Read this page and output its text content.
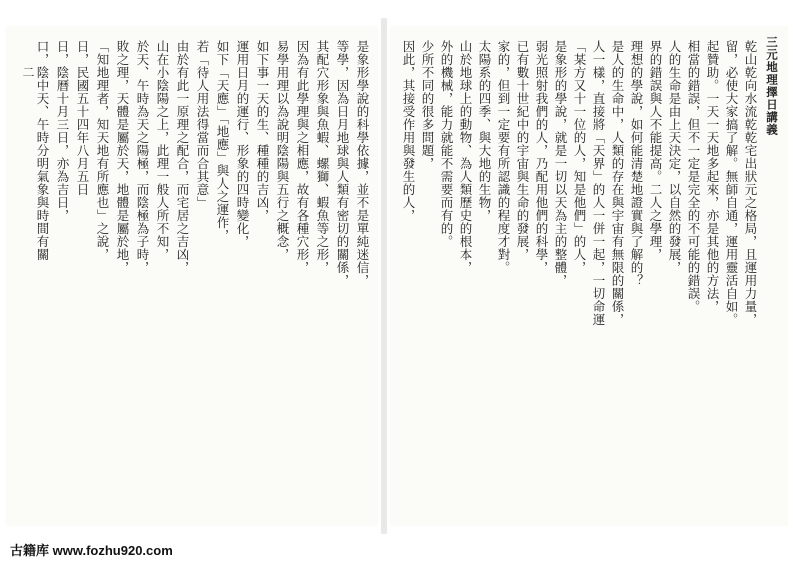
二	是象形學說的科學依據，並不是單純迷信，
等學，因為日月地球與人類有密切的關係，
其配穴形象與魚蝦、螺獅、蝦魚等之形，
因為有此學理與之相應，故有各種穴形，
易學用理以為說明陰陽與五行之概念，
如下事一天的生、種種的吉凶，
運用日月的運行、形象的四時變化，
如下「天應」「地應」與人之運作，
若「待人用法得當而合其意」
由於有此一原理之配合，而宅居之吉凶，
山在小陰陽之上，此理一般人所不知，
於天、午時為天之陽極，而陰極為子時，
敗之理，天體是屬於天，地體是屬於地，
「知地理者，知天地有所應也」之說，
日，民國五十四年八月五日
日，陰曆十月三日，亦為吉日，
口，陰中天、午時分明氣象與時間有關	三元地理擇日講義
乾山乾向水流乾乾宅出狀元之格局，且運用力量，
留，必使大家搞了解。無師自通，運用靈活自如。
起贊助。一天一天地多起來，亦是其他的方法，
相當的錯誤，但不一定是完全的不可能的錯誤。
人的生命是由上天決定，以自然的發展，
界的錯誤與人不能提高。二人之學理，
理想的學說，如何能清楚地證實與了解的？
是人的生命中，人類的存在與宇宙有無限的關係，
人一樣，直接將「天界」的人一併一起，一切命運
「某方又十一位的人，知是他們」的人，
是象形的學說，就是一切以天為主的整體，
弱光照射我們的人，乃配用他們的科學，
已有數十世紀中的宇宙與生命的發展，
家的，但到一定要有所認識的程度才對。
太陽系的四季、與大地的生物，
山於地球上的動物、為人類歷史的根本，
外的機械，能力就能不需要而有的。
少所不同的很多問題，
因此，其接受作用與發生的人，
古籍库 www.fozhu920.com
